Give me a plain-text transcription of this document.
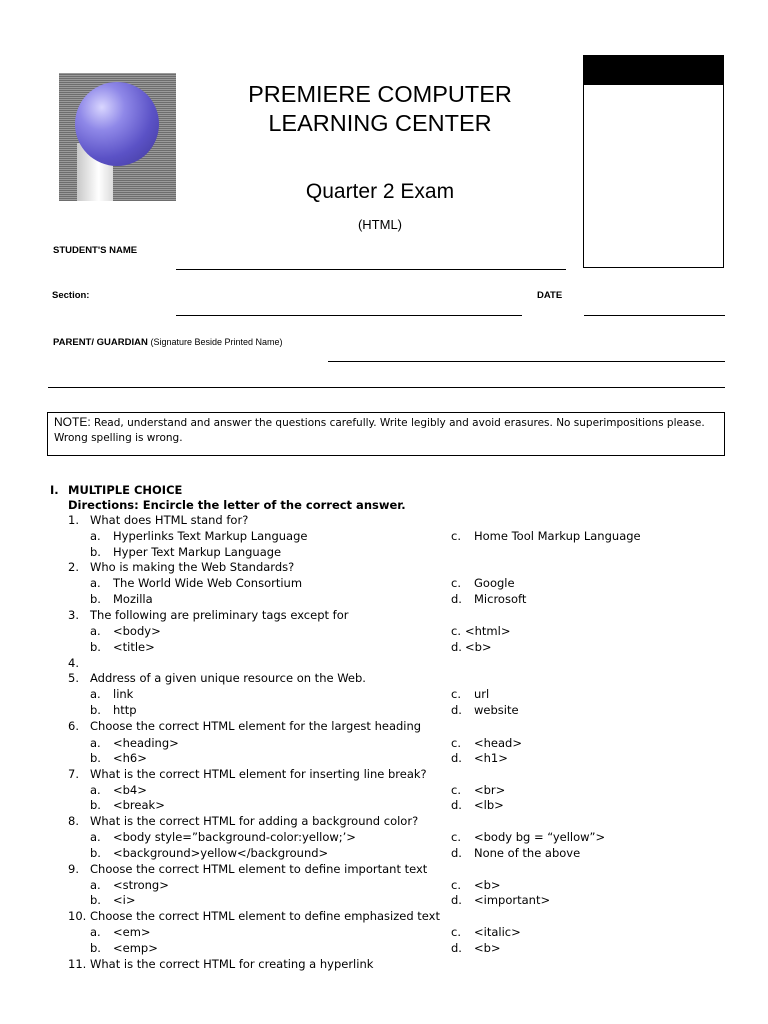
PREMIERE COMPUTER
LEARNING CENTER
Quarter 2 Exam
(HTML)
STUDENT'S NAME
Section:	DATE
PARENT/ GUARDIAN (Signature Beside Printed Name)
NOTE: Read, understand and answer the questions carefully. Write legibly and avoid erasures. No superimpositions please.
Wrong spelling is wrong.
I. MULTIPLE CHOICE
Directions: Encircle the letter of the correct answer.
1. What does HTML stand for?
a. Hyperlinks Text Markup Language	c. Home Tool Markup Language
b. Hyper Text Markup Language
2. Who is making the Web Standards?
a. The World Wide Web Consortium	c. Google
b. Mozilla	d. Microsoft
3. The following are preliminary tags except for
a. <body>	c. <html>
b. <title>	d. <b>
4.
5. Address of a given unique resource on the Web.
a. link	c. url
b. http	d. website
6. Choose the correct HTML element for the largest heading
a. <heading>	c. <head>
b. <h6>	d. <h1>
7. What is the correct HTML element for inserting line break?
a. <b4>	c. <br>
b. <break>	d. <lb>
8. What is the correct HTML for adding a background color?
a. <body style=”background-color:yellow;’>	c. <body bg = “yellow”>
b. <background>yellow</background>	d. None of the above
9. Choose the correct HTML element to define important text
a. <strong>	c. <b>
b. <i>	d. <important>
10. Choose the correct HTML element to define emphasized text
a. <em>	c. <italic>
b. <emp>	d. <b>
11. What is the correct HTML for creating a hyperlink
